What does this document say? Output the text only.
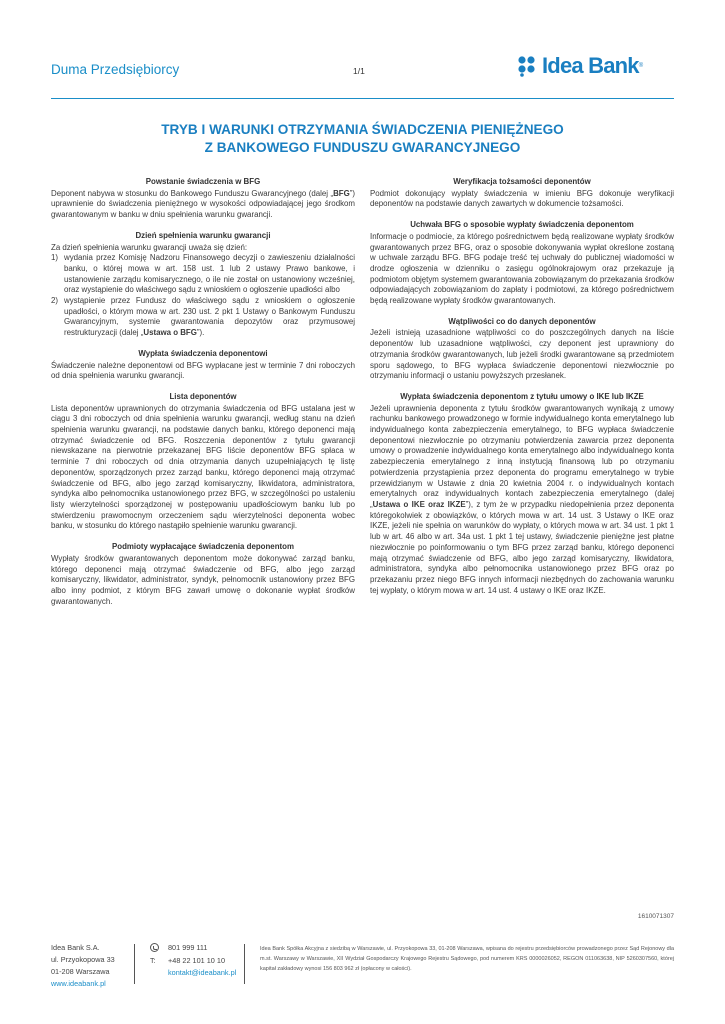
Duma Przedsiębiorcy	1/1	Idea Bank ®
TRYB I WARUNKI OTRZYMANIA ŚWIADCZENIA PIENIĘŻNEGO
Z BANKOWEGO FUNDUSZU GWARANCYJNEGO
Powstanie świadczenia w BFG

Deponent nabywa w stosunku do Bankowego Funduszu Gwarancyjnego (dalej „BFG”) uprawnienie do świadczenia pieniężnego w wysokości odpowiadającej jego środkom gwarantowanym w banku w dniu spełnienia warunku gwarancji.

Dzień spełnienia warunku gwarancji

Za dzień spełnienia warunku gwarancji uważa się dzień:

1) wydania przez Komisję Nadzoru Finansowego decyzji o zawieszeniu działalności banku, o której mowa w art. 158 ust. 1 lub 2 ustawy Prawo bankowe, i ustanowienie zarządu komisarycznego, o ile nie został on ustanowiony wcześniej, oraz wystąpienie do właściwego sądu z wnioskiem o ogłoszenie upadłości albo
2) wystąpienie przez Fundusz do właściwego sądu z wnioskiem o ogłoszenie upadłości, o którym mowa w art. 230 ust. 2 pkt 1 Ustawy o Bankowym Funduszu Gwarancyjnym, systemie gwarantowania depozytów oraz przymusowej restrukturyzacji (dalej „Ustawa o BFG”).
Wypłata świadczenia deponentowi

Świadczenie należne deponentowi od BFG wypłacane jest w terminie 7 dni roboczych od dnia spełnienia warunku gwarancji.

Lista deponentów

Lista deponentów uprawnionych do otrzymania świadczenia od BFG ustalana jest w ciągu 3 dni roboczych od dnia spełnienia warunku gwarancji, według stanu na dzień spełnienia warunku gwarancji, na podstawie danych banku, którego deponenci mają otrzymać świadczenie od BFG. Roszczenia deponentów z tytułu gwarancji niewskazane na pierwotnie przekazanej BFG liście deponentów BFG spłaca w terminie 7 dni roboczych od dnia otrzymania danych uzupełniających tę listę deponentów, sporządzonych przez zarząd banku, którego deponenci mają otrzymać świadczenie od BFG, albo jego zarząd komisaryczny, likwidatora, administratora, syndyka albo pełnomocnika ustanowionego przez BFG, w szczególności po ustaleniu listy wierzytelności sporządzonej w postępowaniu upadłościowym banku lub po stwierdzeniu prawomocnym orzeczeniem sądu wierzytelności deponenta wobec banku, w stosunku do którego nastąpiło spełnienie warunku gwarancji.

Podmioty wypłacające świadczenia deponentom

Wypłaty środków gwarantowanych deponentom może dokonywać zarząd banku, którego deponenci mają otrzymać świadczenie od BFG, albo jego zarząd komisaryczny, likwidator, administrator, syndyk, pełnomocnik ustanowiony przez BFG albo inny podmiot, z którym BFG zawarł umowę o dokonanie wypłat środków gwarantowanych.

Weryfikacja tożsamości deponentów

Podmiot dokonujący wypłaty świadczenia w imieniu BFG dokonuje weryfikacji deponentów na podstawie danych zawartych w dokumencie tożsamości.

Uchwała BFG o sposobie wypłaty świadczenia deponentom

Informacje o podmiocie, za którego pośrednictwem będą realizowane wypłaty środków gwarantowanych przez BFG, oraz o sposobie dokonywania wypłat określone zostaną w uchwale zarządu BFG. BFG podaje treść tej uchwały do publicznej wiadomości w drodze ogłoszenia w dzienniku o zasięgu ogólnokrajowym oraz przekazuje ją podmiotom objętym systemem gwarantowania zobowiązanym do przekazania środków odpowiadających zobowiązaniom do zapłaty i podmiotowi, za którego pośrednictwem będą realizowane wypłaty środków gwarantowanych.

Wątpliwości co do danych deponentów

Jeżeli istnieją uzasadnione wątpliwości co do poszczególnych danych na liście deponentów lub uzasadnione wątpliwości, czy deponent jest uprawniony do otrzymania środków gwarantowanych, lub jeżeli środki gwarantowane są przedmiotem sporu sądowego, to BFG wypłaca świadczenie deponentowi niezwłocznie po otrzymaniu informacji o ustaniu powyższych przesłanek.

Wypłata świadczenia deponentom z tytułu umowy o IKE lub IKZE

Jeżeli uprawnienia deponenta z tytułu środków gwarantowanych wynikają z umowy rachunku bankowego prowadzonego w formie indywidualnego konta emerytalnego lub indywidualnego konta zabezpieczenia emerytalnego, to BFG wypłaca świadczenie deponentowi niezwłocznie po otrzymaniu potwierdzenia zawarcia przez deponenta umowy o prowadzenie indywidualnego konta emerytalnego albo indywidualnego konta zabezpieczenia emerytalnego z inną instytucją finansową lub po otrzymaniu potwierdzenia przystąpienia przez deponenta do programu emerytalnego w trybie przewidzianym w Ustawie z dnia 20 kwietnia 2004 r. o indywidualnych kontach emerytalnych oraz indywidualnych kontach zabezpieczenia emerytalnego (dalej „Ustawa o IKE oraz IKZE”), z tym że w przypadku niedopełnienia przez deponenta któregokolwiek z obowiązków, o których mowa w art. 14 ust. 3 Ustawy o IKE oraz IKZE, jeżeli nie spełnia on warunków do wypłaty, o których mowa w art. 34 ust. 1 pkt 1 lub w art. 46 albo w art. 34a ust. 1 pkt 1 tej ustawy, świadczenie pieniężne jest płatne niezwłocznie po poinformowaniu o tym BFG przez zarząd banku, którego deponenci mają otrzymać świadczenie od BFG, albo jego zarząd komisaryczny, likwidatora, administratora, syndyka albo pełnomocnika ustanowionego przez BFG oraz po przekazaniu przez niego BFG innych informacji niezbędnych do zachowania warunku tej wypłaty, o którym mowa w art. 14 ust. 4 ustawy o IKE oraz IKZE.

1610071307
Idea Bank S.A.
ul. Przyokopowa 33
01-208 Warszawa
www.ideabank.pl
801 999 111
T:	+48 22 101 10 10
kontakt@ideabank.pl
Idea Bank Spółka Akcyjna z siedzibą w Warszawie, ul. Przyokopowa 33, 01-208 Warszawa, wpisana do rejestru przedsiębiorców prowadzonego przez Sąd Rejonowy dla m.st. Warszawy w Warszawie, XII Wydział Gospodarczy Krajowego Rejestru Sądowego, pod numerem KRS 0000026052, REGON 011063638, NIP 5260307560, której kapitał zakładowy wynosi 156 803 962 zł (opłacony w całości).
